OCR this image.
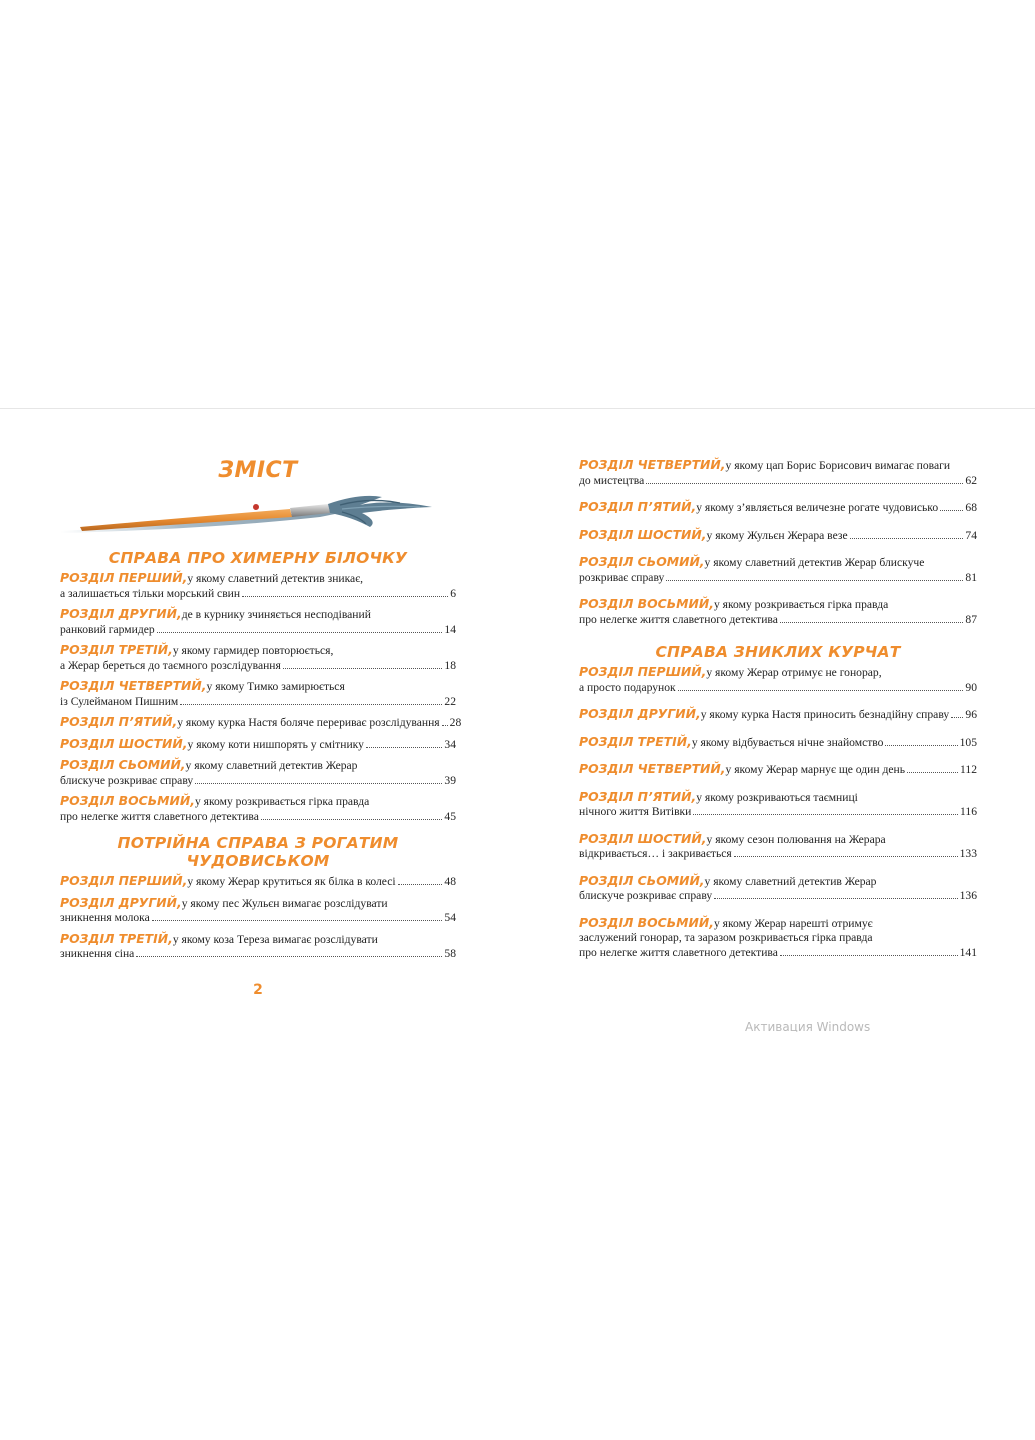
ЗМІСТ
СПРАВА ПРО ХИМЕРНУ БІЛОЧКУ
РОЗДІЛ ПЕРШИЙ, у якому славетний детектив зникає,
а залишається тільки морський свин	6
РОЗДІЛ ДРУГИЙ, де в курнику зчиняється несподіваний
ранковий гармидер	14
РОЗДІЛ ТРЕТІЙ, у якому гармидер повторюється,
а Жерар береться до таємного розслідування	18
РОЗДІЛ ЧЕТВЕРТИЙ, у якому Тимко замирюється
із Сулейманом Пишним	22
РОЗДІЛ П’ЯТИЙ, у якому курка Настя боляче перериває розслідування 28
РОЗДІЛ ШОСТИЙ, у якому коти нишпорять у смітнику	34
РОЗДІЛ СЬОМИЙ, у якому славетний детектив Жерар
блискуче розкриває справу	39
РОЗДІЛ ВОСЬМИЙ, у якому розкривається гірка правда
про нелегке життя славетного детектива	45
ПОТРІЙНА СПРАВА З РОГАТИМ ЧУДОВИСЬКОМ
РОЗДІЛ ПЕРШИЙ, у якому Жерар крутиться як білка в колесі	48
РОЗДІЛ ДРУГИЙ, у якому пес Жульєн вимагає розслідувати
зникнення молока	54
РОЗДІЛ ТРЕТІЙ, у якому коза Тереза вимагає розслідувати
зникнення сіна	58
РОЗДІЛ ЧЕТВЕРТИЙ, у якому цап Борис Борисович вимагає поваги
до мистецтва	62
РОЗДІЛ П’ЯТИЙ, у якому з’являється величезне рогате чудовисько 68
РОЗДІЛ ШОСТИЙ, у якому Жульєн Жерара везе	74
РОЗДІЛ СЬОМИЙ, у якому славетний детектив Жерар блискуче
розкриває справу	81
РОЗДІЛ ВОСЬМИЙ, у якому розкривається гірка правда
про нелегке життя славетного детектива	87
СПРАВА ЗНИКЛИХ КУРЧАТ
РОЗДІЛ ПЕРШИЙ, у якому Жерар отримує не гонорар,
а просто подарунок	90
РОЗДІЛ ДРУГИЙ, у якому курка Настя приносить безнадійну справу 96
РОЗДІЛ ТРЕТІЙ, у якому відбувається нічне знайомство	105
РОЗДІЛ ЧЕТВЕРТИЙ, у якому Жерар марнує ще один день	112
РОЗДІЛ П’ЯТИЙ, у якому розкриваються таємниці
нічного життя Витівки	116
РОЗДІЛ ШОСТИЙ, у якому сезон полювання на Жерара
відкривається… і закривається	133
РОЗДІЛ СЬОМИЙ, у якому славетний детектив Жерар
блискуче розкриває справу	136
РОЗДІЛ ВОСЬМИЙ, у якому Жерар нарешті отримує
заслужений гонорар, та заразом розкривається гірка правда
про нелегке життя славетного детектива	141
2
Активация Windows
